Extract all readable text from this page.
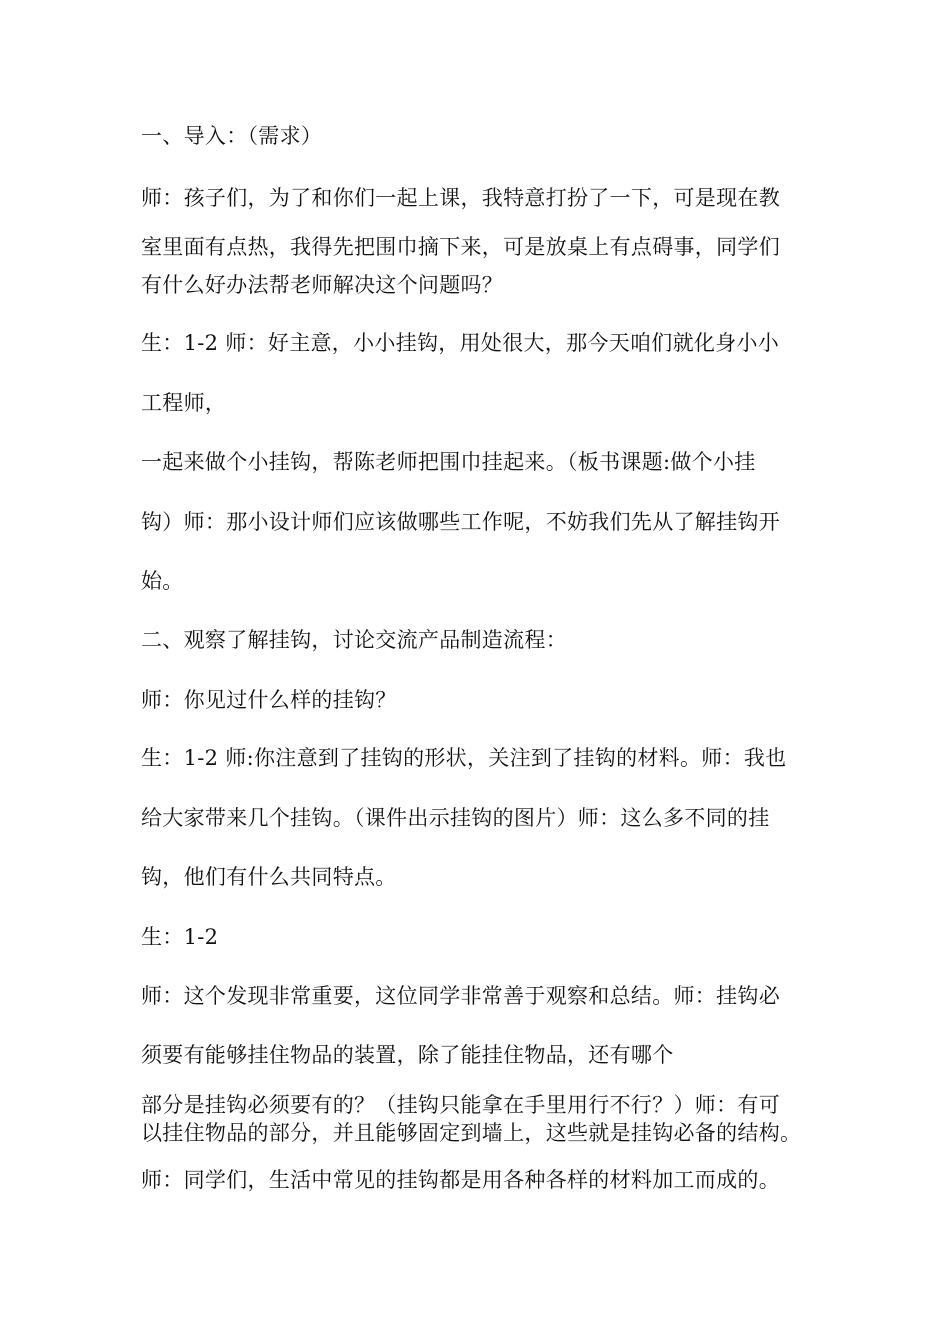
一、导入：（需求）
师：孩子们，为了和你们一起上课，我特意打扮了一下，可是现在教
室里面有点热，我得先把围巾摘下来，可是放桌上有点碍事，同学们
有什么好办法帮老师解决这个问题吗？
生：1-2 师：好主意，小小挂钩，用处很大，那今天咱们就化身小小
工程师，
一起来做个小挂钩，帮陈老师把围巾挂起来。（板书课题:做个小挂
钩）师：那小设计师们应该做哪些工作呢，不妨我们先从了解挂钩开
始。
二、观察了解挂钩，讨论交流产品制造流程：
师：你见过什么样的挂钩？
生：1-2 师:你注意到了挂钩的形状，关注到了挂钩的材料。师：我也
给大家带来几个挂钩。（课件出示挂钩的图片）师：这么多不同的挂
钩，他们有什么共同特点。
生：1-2
师：这个发现非常重要，这位同学非常善于观察和总结。师：挂钩必
须要有能够挂住物品的装置，除了能挂住物品，还有哪个
部分是挂钩必须要有的？（挂钩只能拿在手里用行不行？）师：有可
以挂住物品的部分，并且能够固定到墙上，这些就是挂钩必备的结构。
师：同学们，生活中常见的挂钩都是用各种各样的材料加工而成的。
